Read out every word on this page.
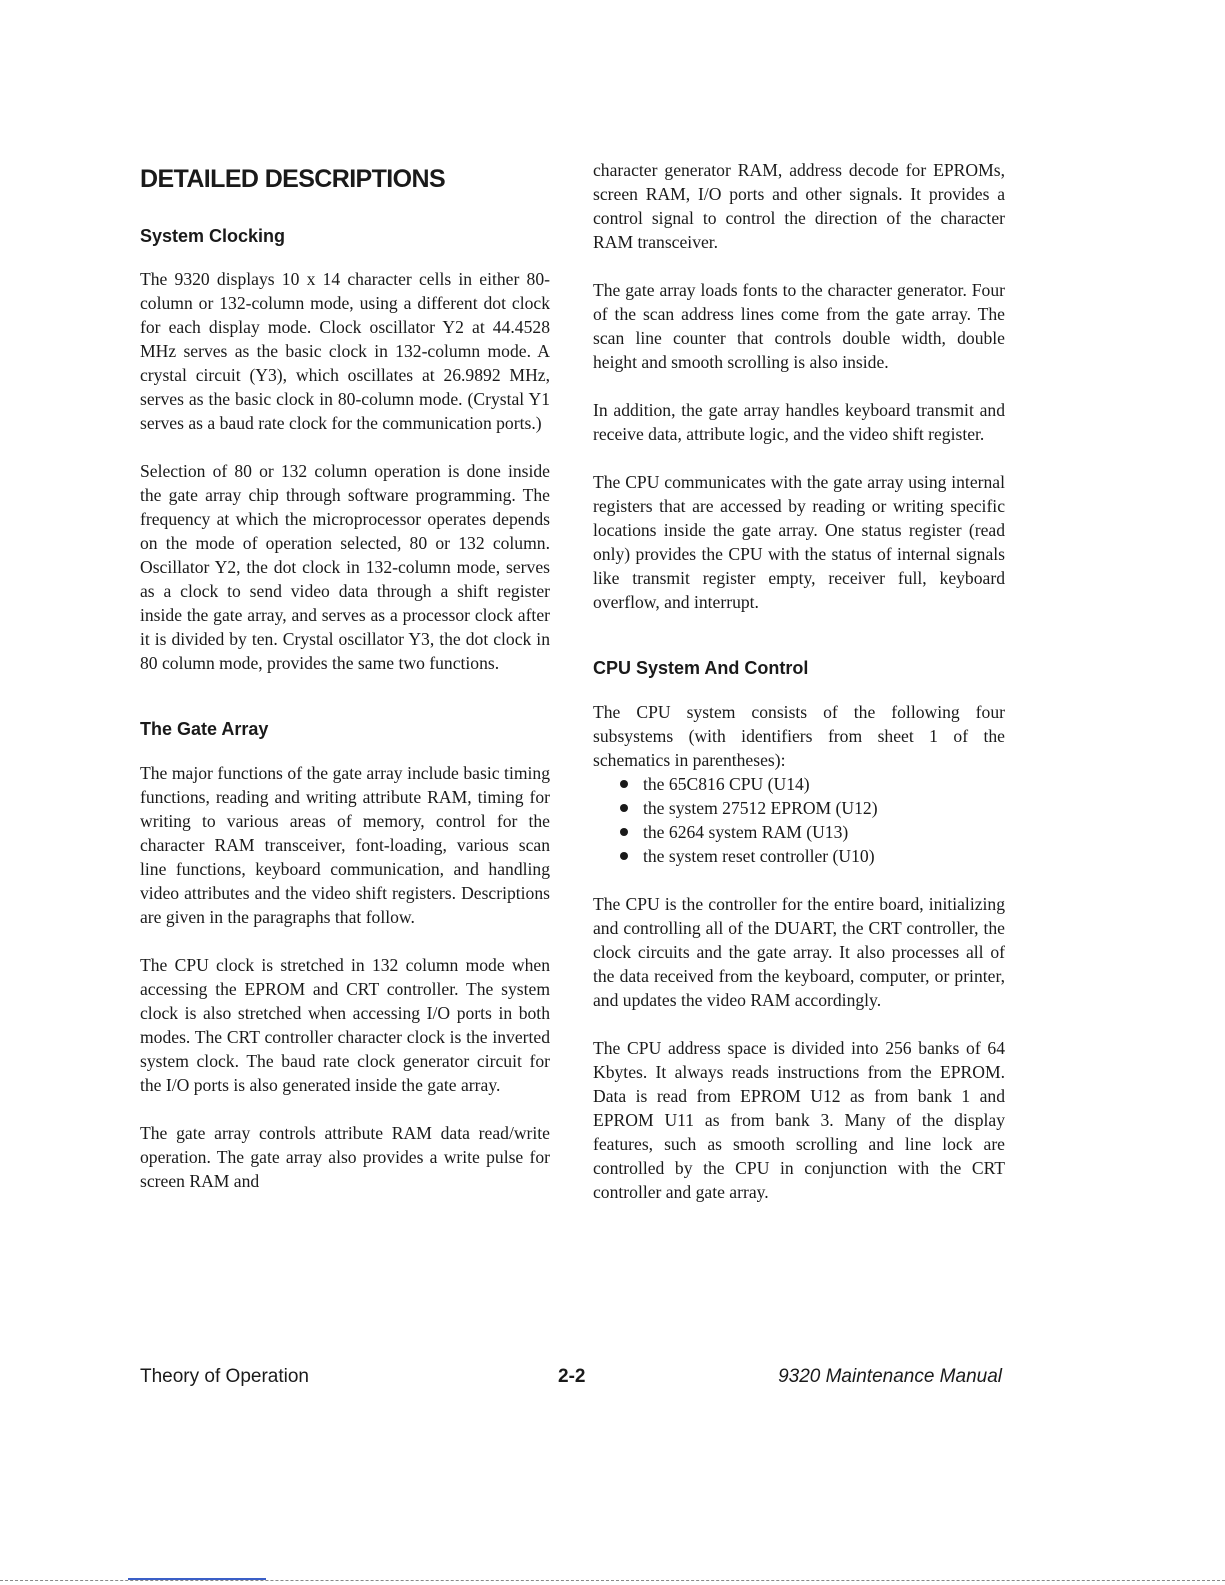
DETAILED DESCRIPTIONS
System Clocking

The 9320 displays 10 x 14 character cells in either 80-column or 132-column mode, using a different dot clock for each display mode. Clock oscillator Y2 at 44.4528 MHz serves as the basic clock in 132-column mode. A crystal circuit (Y3), which oscillates at 26.9892 MHz, serves as the basic clock in 80-column mode. (Crystal Y1 serves as a baud rate clock for the communication ports.)

Selection of 80 or 132 column operation is done inside the gate array chip through software programming. The frequency at which the microprocessor operates depends on the mode of operation selected, 80 or 132 column. Oscillator Y2, the dot clock in 132-column mode, serves as a clock to send video data through a shift register inside the gate array, and serves as a processor clock after it is divided by ten. Crystal oscillator Y3, the dot clock in 80 column mode, provides the same two functions.

The Gate Array

The major functions of the gate array include basic timing functions, reading and writing attribute RAM, timing for writing to various areas of memory, control for the character RAM transceiver, font-loading, various scan line functions, keyboard communication, and handling video attributes and the video shift registers. Descriptions are given in the paragraphs that follow.

The CPU clock is stretched in 132 column mode when accessing the EPROM and CRT controller. The system clock is also stretched when accessing I/O ports in both modes. The CRT controller character clock is the inverted system clock. The baud rate clock generator circuit for the I/O ports is also generated inside the gate array.

The gate array controls attribute RAM data read/write operation. The gate array also provides a write pulse for screen RAM and

character generator RAM, address decode for EPROMs, screen RAM, I/O ports and other signals. It provides a control signal to control the direction of the character RAM transceiver.

The gate array loads fonts to the character generator. Four of the scan address lines come from the gate array. The scan line counter that controls double width, double height and smooth scrolling is also inside.

In addition, the gate array handles keyboard transmit and receive data, attribute logic, and the video shift register.

The CPU communicates with the gate array using internal registers that are accessed by reading or writing specific locations inside the gate array. One status register (read only) provides the CPU with the status of internal signals like transmit register empty, receiver full, keyboard overflow, and interrupt.

CPU System And Control

The CPU system consists of the following four subsystems (with identifiers from sheet 1 of the schematics in parentheses):

the 65C816 CPU (U14)
the system 27512 EPROM (U12)
the 6264 system RAM (U13)
the system reset controller (U10)

The CPU is the controller for the entire board, initializing and controlling all of the DUART, the CRT controller, the clock circuits and the gate array. It also processes all of the data received from the keyboard, computer, or printer, and updates the video RAM accordingly.

The CPU address space is divided into 256 banks of 64 Kbytes. It always reads instructions from the EPROM. Data is read from EPROM U12 as from bank 1 and EPROM U11 as from bank 3. Many of the display features, such as smooth scrolling and line lock are controlled by the CPU in conjunction with the CRT controller and gate array.

Theory of Operation	2-2	9320 Maintenance Manual
